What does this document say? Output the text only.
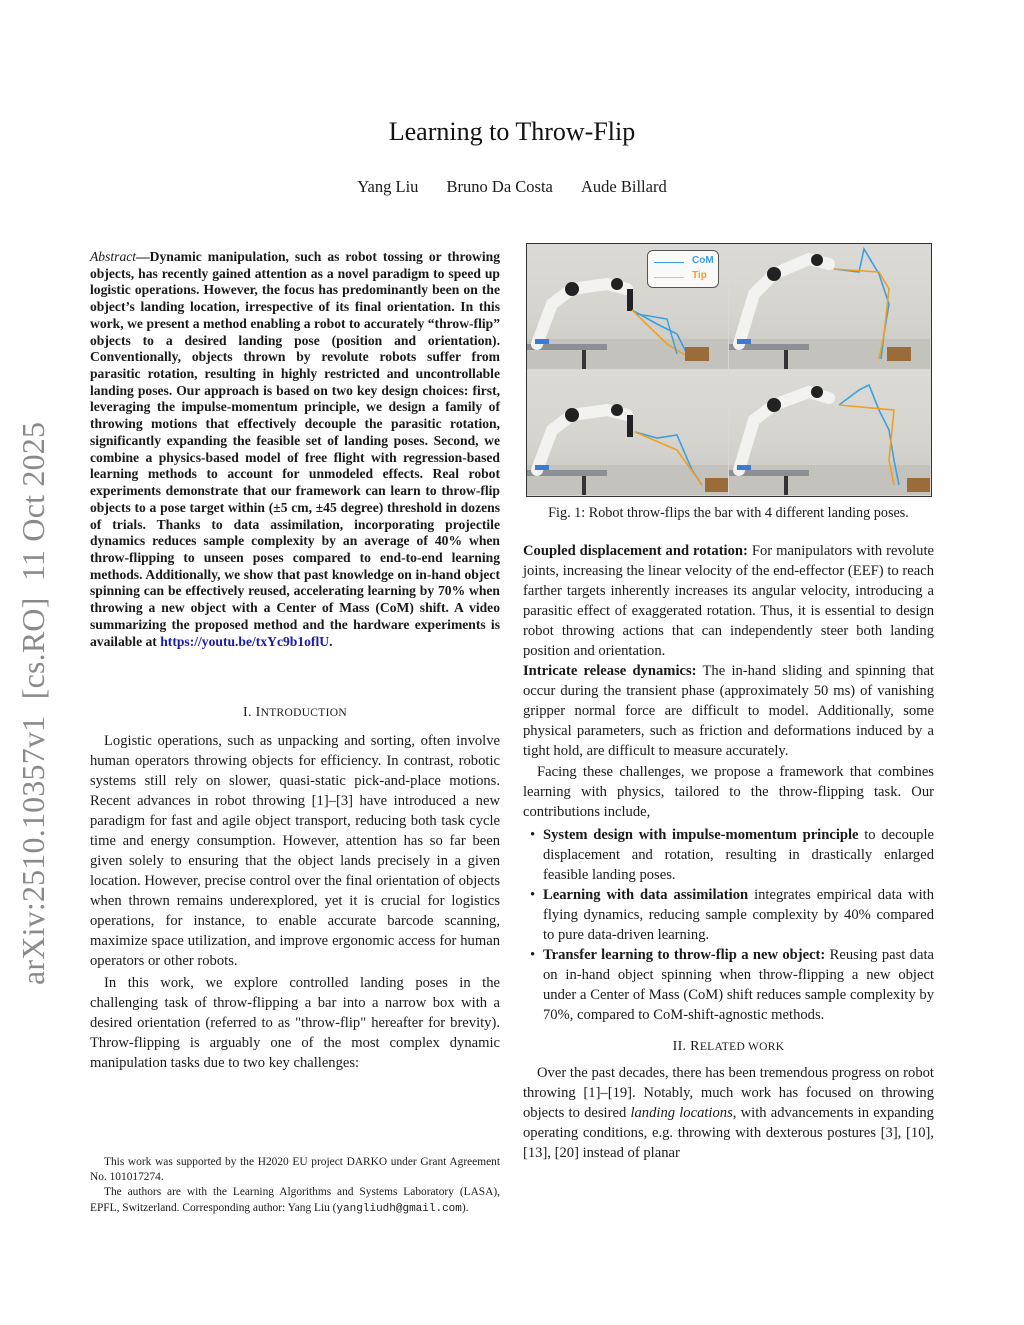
arXiv:2510.10357v1  [cs.RO]  11 Oct 2025
Learning to Throw-Flip
Yang Liu Bruno Da Costa Aude Billard
Abstract—Dynamic manipulation, such as robot tossing or throwing objects, has recently gained attention as a novel paradigm to speed up logistic operations. However, the focus has predominantly been on the object’s landing location, irrespective of its final orientation. In this work, we present a method enabling a robot to accurately “throw-flip” objects to a desired landing pose (position and orientation). Conventionally, objects thrown by revolute robots suffer from parasitic rotation, resulting in highly restricted and uncontrollable landing poses. Our approach is based on two key design choices: first, leveraging the impulse-momentum principle, we design a family of throwing motions that effectively decouple the parasitic rotation, significantly expanding the feasible set of landing poses. Second, we combine a physics-based model of free flight with regression-based learning methods to account for unmodeled effects. Real robot experiments demonstrate that our framework can learn to throw-flip objects to a pose target within (±5 cm, ±45 degree) threshold in dozens of trials. Thanks to data assimilation, incorporating projectile dynamics reduces sample complexity by an average of 40% when throw-flipping to unseen poses compared to end-to-end learning methods. Additionally, we show that past knowledge on in-hand object spinning can be effectively reused, accelerating learning by 70% when throwing a new object with a Center of Mass (CoM) shift. A video summarizing the proposed method and the hardware experiments is available at https://youtu.be/txYc9b1oflU.
I. INTRODUCTION

Logistic operations, such as unpacking and sorting, often involve human operators throwing objects for efficiency. In contrast, robotic systems still rely on slower, quasi-static pick-and-place motions. Recent advances in robot throwing [1]–[3] have introduced a new paradigm for fast and agile object transport, reducing both task cycle time and energy consumption. However, attention has so far been given solely to ensuring that the object lands precisely in a given location. However, precise control over the final orientation of objects when thrown remains underexplored, yet it is crucial for logistics operations, for instance, to enable accurate barcode scanning, maximize space utilization, and improve ergonomic access for human operators or other robots.

In this work, we explore controlled landing poses in the challenging task of throw-flipping a bar into a narrow box with a desired orientation (referred to as "throw-flip" hereafter for brevity). Throw-flipping is arguably one of the most complex dynamic manipulation tasks due to two key challenges:

This work was supported by the H2020 EU project DARKO under Grant Agreement No. 101017274.

The authors are with the Learning Algorithms and Systems Laboratory (LASA), EPFL, Switzerland. Corresponding author: Yang Liu (yangliudh@gmail.com).

CoM
Tip
Fig. 1: Robot throw-flips the bar with 4 different landing poses.

Coupled displacement and rotation: For manipulators with revolute joints, increasing the linear velocity of the end-effector (EEF) to reach farther targets inherently increases its angular velocity, introducing a parasitic effect of exaggerated rotation. Thus, it is essential to design robot throwing actions that can independently steer both landing position and orientation.

Intricate release dynamics: The in-hand sliding and spinning that occur during the transient phase (approximately 50 ms) of vanishing gripper normal force are difficult to model. Additionally, some physical parameters, such as friction and deformations induced by a tight hold, are difficult to measure accurately.

Facing these challenges, we propose a framework that combines learning with physics, tailored to the throw-flipping task. Our contributions include,

• System design with impulse-momentum principle to decouple displacement and rotation, resulting in drastically enlarged feasible landing poses.
• Learning with data assimilation integrates empirical data with flying dynamics, reducing sample complexity by 40% compared to pure data-driven learning.
• Transfer learning to throw-flip a new object: Reusing past data on in-hand object spinning when throw-flipping a new object under a Center of Mass (CoM) shift reduces sample complexity by 70%, compared to CoM-shift-agnostic methods.
II. RELATED WORK

Over the past decades, there has been tremendous progress on robot throwing [1]–[19]. Notably, much work has focused on throwing objects to desired landing locations, with advancements in expanding operating conditions, e.g. throwing with dexterous postures [3], [10], [13], [20] instead of planar
